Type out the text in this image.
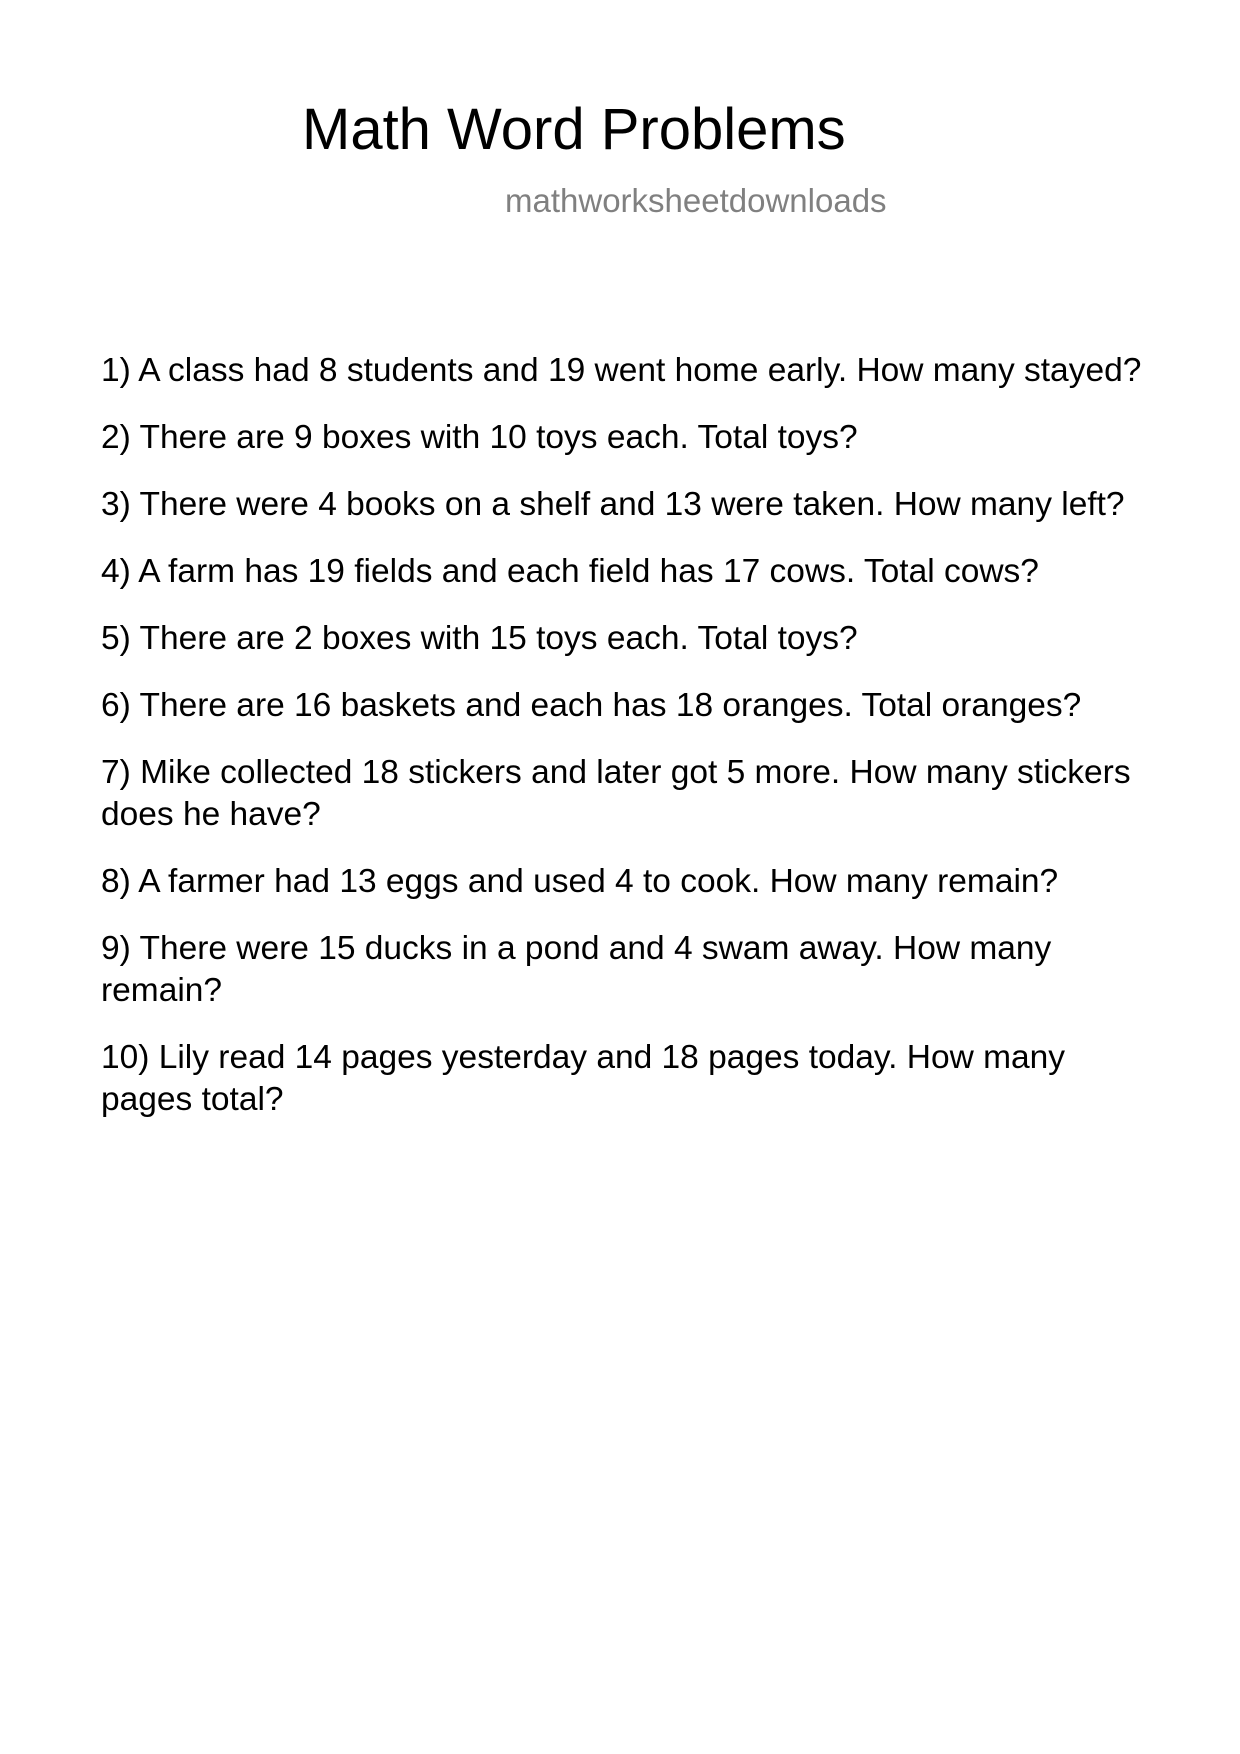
Math Word Problems

mathworksheetdownloads

1) A class had 8 students and 19 went home early. How many stayed?
2) There are 9 boxes with 10 toys each. Total toys?
3) There were 4 books on a shelf and 13 were taken. How many left?
4) A farm has 19 fields and each field has 17 cows. Total cows?
5) There are 2 boxes with 15 toys each. Total toys?
6) There are 16 baskets and each has 18 oranges. Total oranges?
7) Mike collected 18 stickers and later got 5 more. How many stickers does he have?
8) A farmer had 13 eggs and used 4 to cook. How many remain?
9) There were 15 ducks in a pond and 4 swam away. How many remain?
10) Lily read 14 pages yesterday and 18 pages today. How many pages total?
